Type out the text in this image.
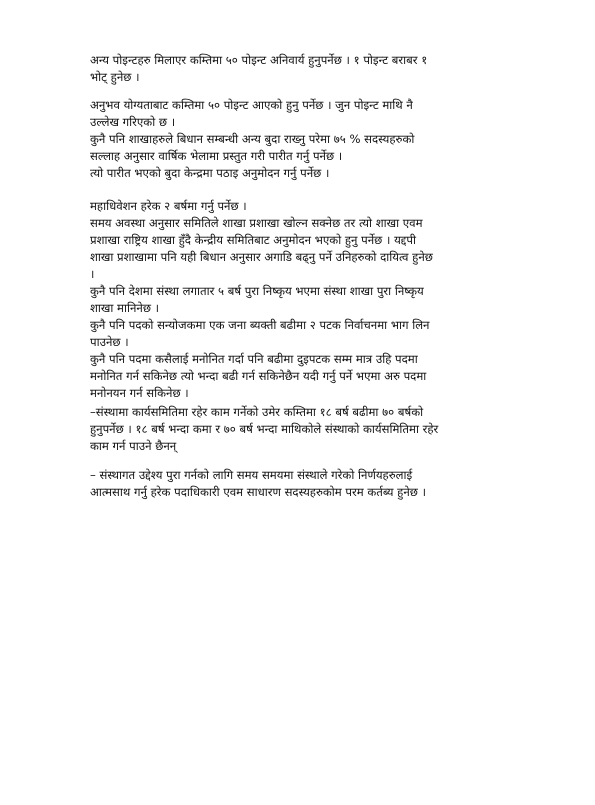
अन्य पोइन्टहरु मिलाएर कम्तिमा ५० पोइन्ट अनिवार्य हुनुपर्नेछ । १ पोइन्ट बराबर १
भोट् हुनेछ ।
अनुभव योग्यताबाट कम्तिमा ५० पोइन्ट आएको हुनु पर्नेछ । जुन पोइन्ट माथि नै
उल्लेख गरिएको छ ।
कुनै पनि शाखाहरुले बिधान सम्बन्धी अन्य बुदा राख्नु परेमा ७५ % सदस्यहरुको
सल्लाह अनुसार वार्षिक भेलामा प्रस्तुत गरी पारीत गर्नु पर्नेछ ।
त्यो पारीत भएको बुदा केन्द्रमा पठाइ अनुमोदन गर्नु पर्नेछ ।
महाधिवेशन हरेक २ बर्षमा गर्नु पर्नेछ ।
समय अवस्था अनुसार समितिले शाखा प्रशाखा खोल्न सक्नेछ तर त्यो शाखा एवम
प्रशाखा राष्ट्रिय शाखा हुँदै केन्द्रीय समितिबाट अनुमोदन भएको हुनु पर्नेछ । यद्दपी
शाखा प्रशाखामा पनि यही बिधान अनुसार अगाडि बढ्नु पर्ने उनिहरुको दायित्व हुनेछ
।
कुनै पनि देशमा संस्था लगातार ५ बर्ष पुरा निष्कृय भएमा संस्था शाखा पुरा निष्कृय
शाखा मानिनेछ ।
कुनै पनि पदको सन्योजकमा एक जना ब्यक्ती बढीमा २ पटक निर्वाचनमा भाग लिन
पाउनेछ ।
कुनै पनि पदमा कसैलाई मनोनित गर्दा पनि बढीमा दुइपटक सम्म मात्र उहि पदमा
मनोनित गर्न सकिनेछ त्यो भन्दा बढी गर्न सकिनेछैन यदी गर्नु पर्ने भएमा अरु पदमा
मनोनयन गर्न सकिनेछ ।
–संस्थामा कार्यसमितिमा रहेर काम गर्नेको उमेर कम्तिमा १८ बर्ष बढीमा ७० बर्षको
हुनुपर्नेछ । १८ बर्ष भन्दा कमा र ७० बर्ष भन्दा माथिकोले संस्थाको कार्यसमितिमा रहेर
काम गर्न पाउने छैनन्
– संस्थागत उद्देश्य पुरा गर्नको लागि समय समयमा संस्थाले गरेको निर्णयहरुलाई
आत्मसाथ गर्नु हरेक पदाधिकारी एवम साधारण सदस्यहरुकोम परम कर्तब्य हुनेछ ।
